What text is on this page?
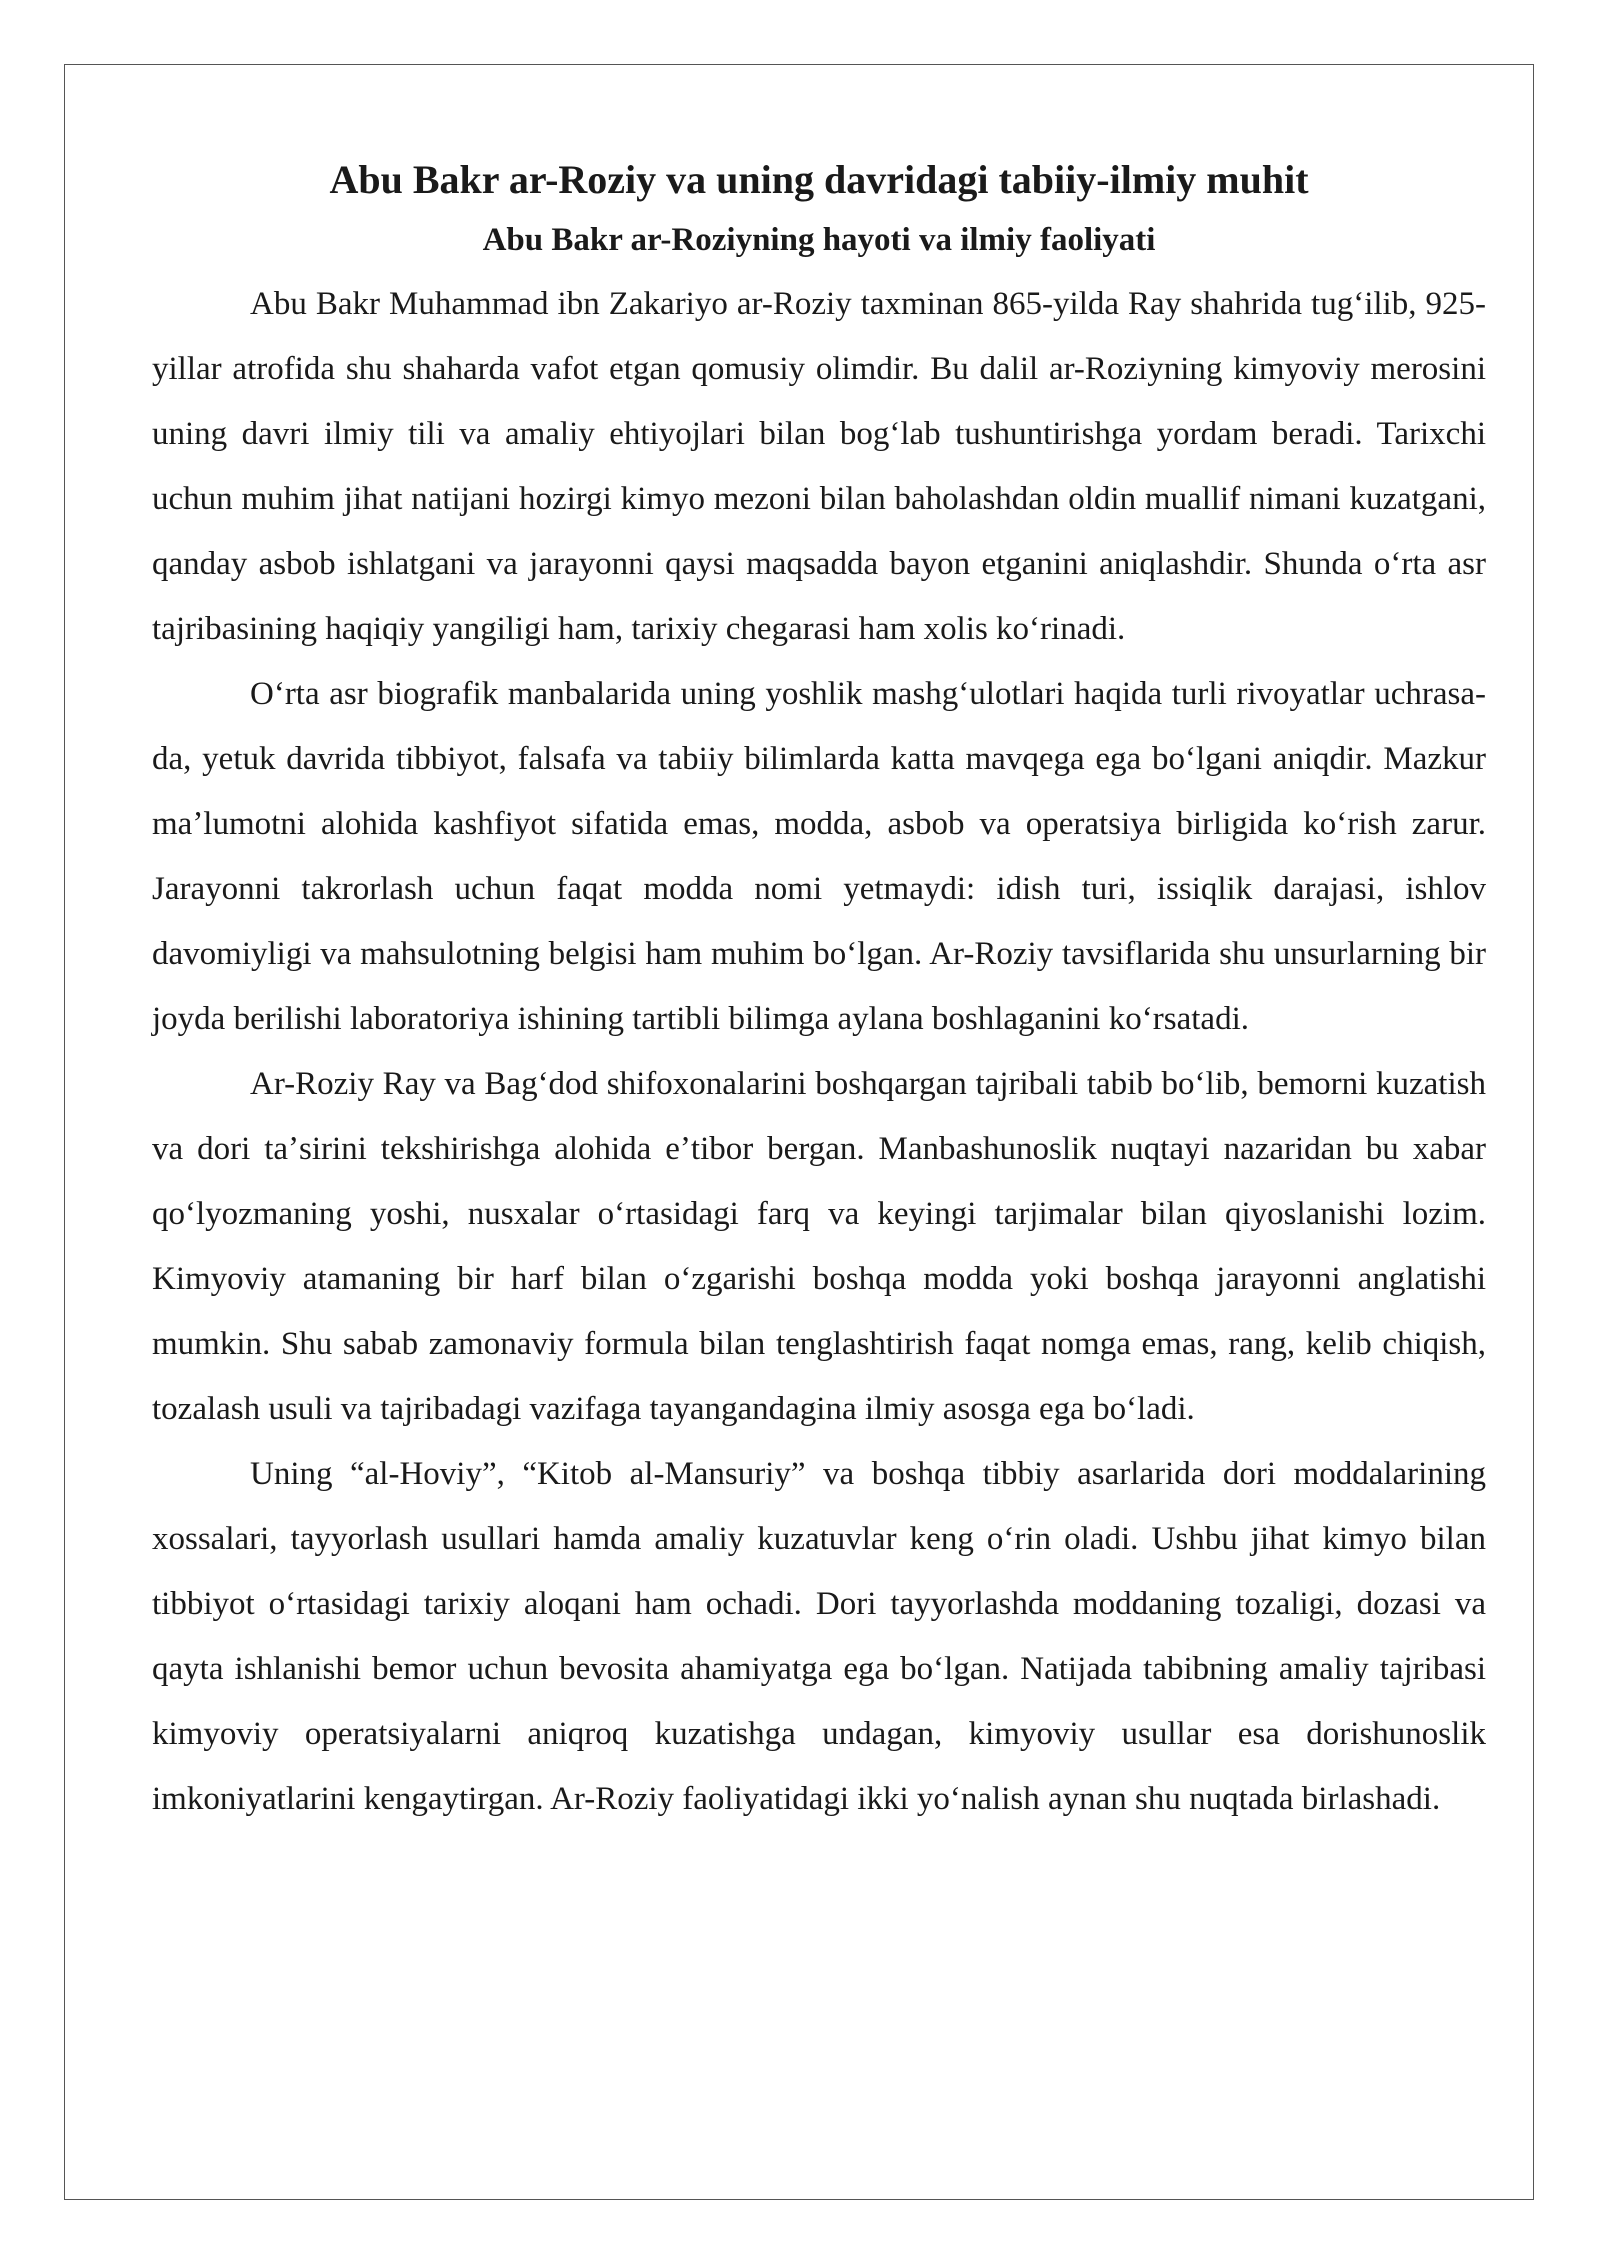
Abu Bakr ar-Roziy va uning davridagi tabiiy-ilmiy muhit
Abu Bakr ar-Roziyning hayoti va ilmiy faoliyati

Abu Bakr Muhammad ibn Zakariyo ar-Roziy taxminan 865-yilda Ray shahrida tugʻilib, 925-yillar atrofida shu shaharda vafot etgan qomusiy olimdir. Bu dalil ar-Roziyning kimyoviy merosini uning davri ilmiy tili va amaliy ehtiyojlari bilan bogʻlab tushuntirishga yordam beradi. Tarixchi uchun muhim jihat natijani hozirgi kimyo mezoni bilan baholashdan oldin muallif nimani kuzatgani, qanday asbob ishlatgani va jarayonni qaysi maqsadda bayon etganini aniqlashdir. Shunda oʻrta asr tajribasining haqiqiy yangiligi ham, tarixiy chegarasi ham xolis koʻrinadi.

Oʻrta asr biografik manbalarida uning yoshlik mashgʻulotlari haqida turli rivoyatlar uchrasa-da, yetuk davrida tibbiyot, falsafa va tabiiy bilimlarda katta mavqega ega boʻlgani aniqdir. Mazkur maʼlumotni alohida kashfiyot sifatida emas, modda, asbob va operatsiya birligida koʻrish zarur. Jarayonni takrorlash uchun faqat modda nomi yetmaydi: idish turi, issiqlik darajasi, ishlov davomiyligi va mahsulotning belgisi ham muhim boʻlgan. Ar-Roziy tavsiflarida shu unsurlarning bir joyda berilishi laboratoriya ishining tartibli bilimga aylana boshlaganini koʻrsatadi.

Ar-Roziy Ray va Bagʻdod shifoxonalarini boshqargan tajribali tabib boʻlib, bemorni kuzatish va dori taʼsirini tekshirishga alohida eʼtibor bergan. Manbashunoslik nuqtayi nazaridan bu xabar qoʻlyozmaning yoshi, nusxalar oʻrtasidagi farq va keyingi tarjimalar bilan qiyoslanishi lozim. Kimyoviy atamaning bir harf bilan oʻzgarishi boshqa modda yoki boshqa jarayonni anglatishi mumkin. Shu sabab zamonaviy formula bilan tenglashtirish faqat nomga emas, rang, kelib chiqish, tozalash usuli va tajribadagi vazifaga tayangandagina ilmiy asosga ega boʻladi.

Uning “al-Hoviy”, “Kitob al-Mansuriy” va boshqa tibbiy asarlarida dori moddalarining xossalari, tayyorlash usullari hamda amaliy kuzatuvlar keng oʻrin oladi. Ushbu jihat kimyo bilan tibbiyot oʻrtasidagi tarixiy aloqani ham ochadi. Dori tayyorlashda moddaning tozaligi, dozasi va qayta ishlanishi bemor uchun bevosita ahamiyatga ega boʻlgan. Natijada tabibning amaliy tajribasi kimyoviy operatsiyalarni aniqroq kuzatishga undagan, kimyoviy usullar esa dorishunoslik imkoniyatlarini kengaytirgan. Ar-Roziy faoliyatidagi ikki yoʻnalish aynan shu nuqtada birlashadi.
